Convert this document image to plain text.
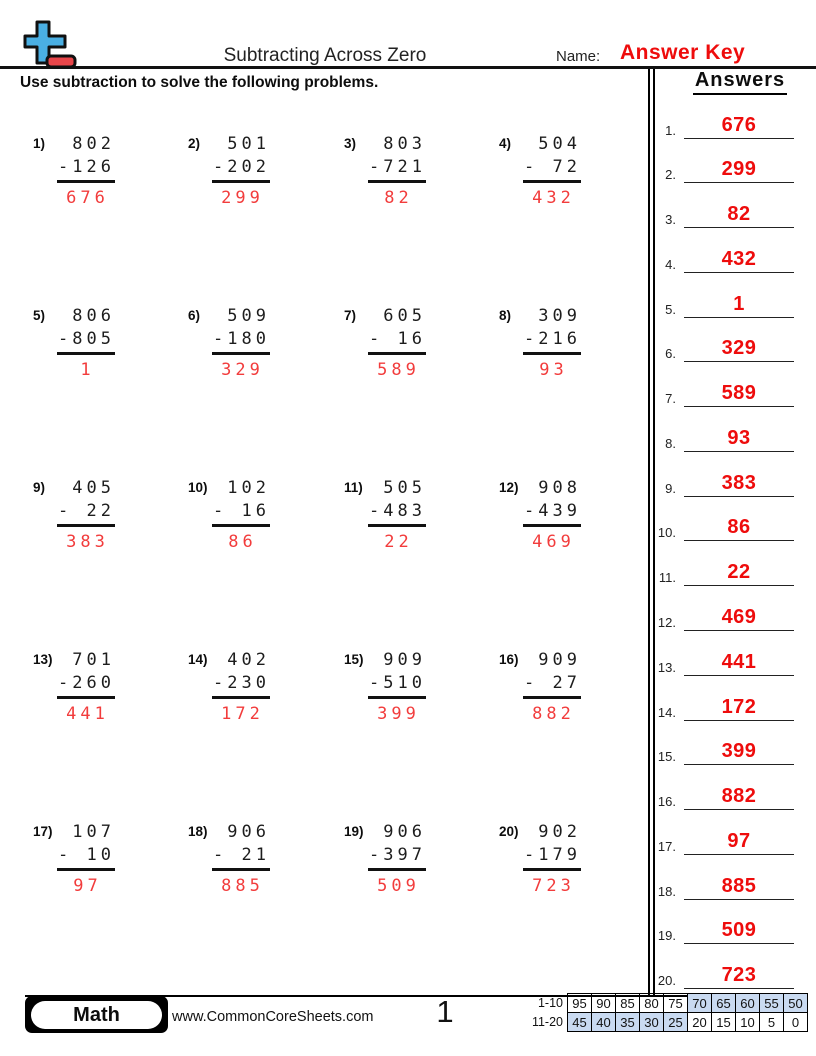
Subtracting Across Zero	Name: Answer Key
Use subtraction to solve the following problems.
1)	802
-126
676
2)	501
-202
299
3)	803
-721
82
4)	504
- 72
432
5)	806
-805
1
6)	509
-180
329
7)	605
- 16
589
8)	309
-216
93
9)	405
- 22
383
10)	102
- 16
86
11)	505
-483
22
12)	908
-439
469
13)	701
-260
441
14)	402
-230
172
15)	909
-510
399
16)	909
- 27
882
17)	107
- 10
97
18)	906
- 21
885
19)	906
-397
509
20)	902
-179
723
Answers
1.	676
2.	299
3.	82
4.	432
5.	1
6.	329
7.	589
8.	93
9.	383
10.	86
11.	22
12.	469
13.	441
14.	172
15.	399
16.	882
17.	97
18.	885
19.	509
20.	723
Math	www.CommonCoreSheets.com	1	1-10	95	90	85	80	75	70	65	60	55	50
11-20	45	40	35	30	25	20	15	10	5	0
